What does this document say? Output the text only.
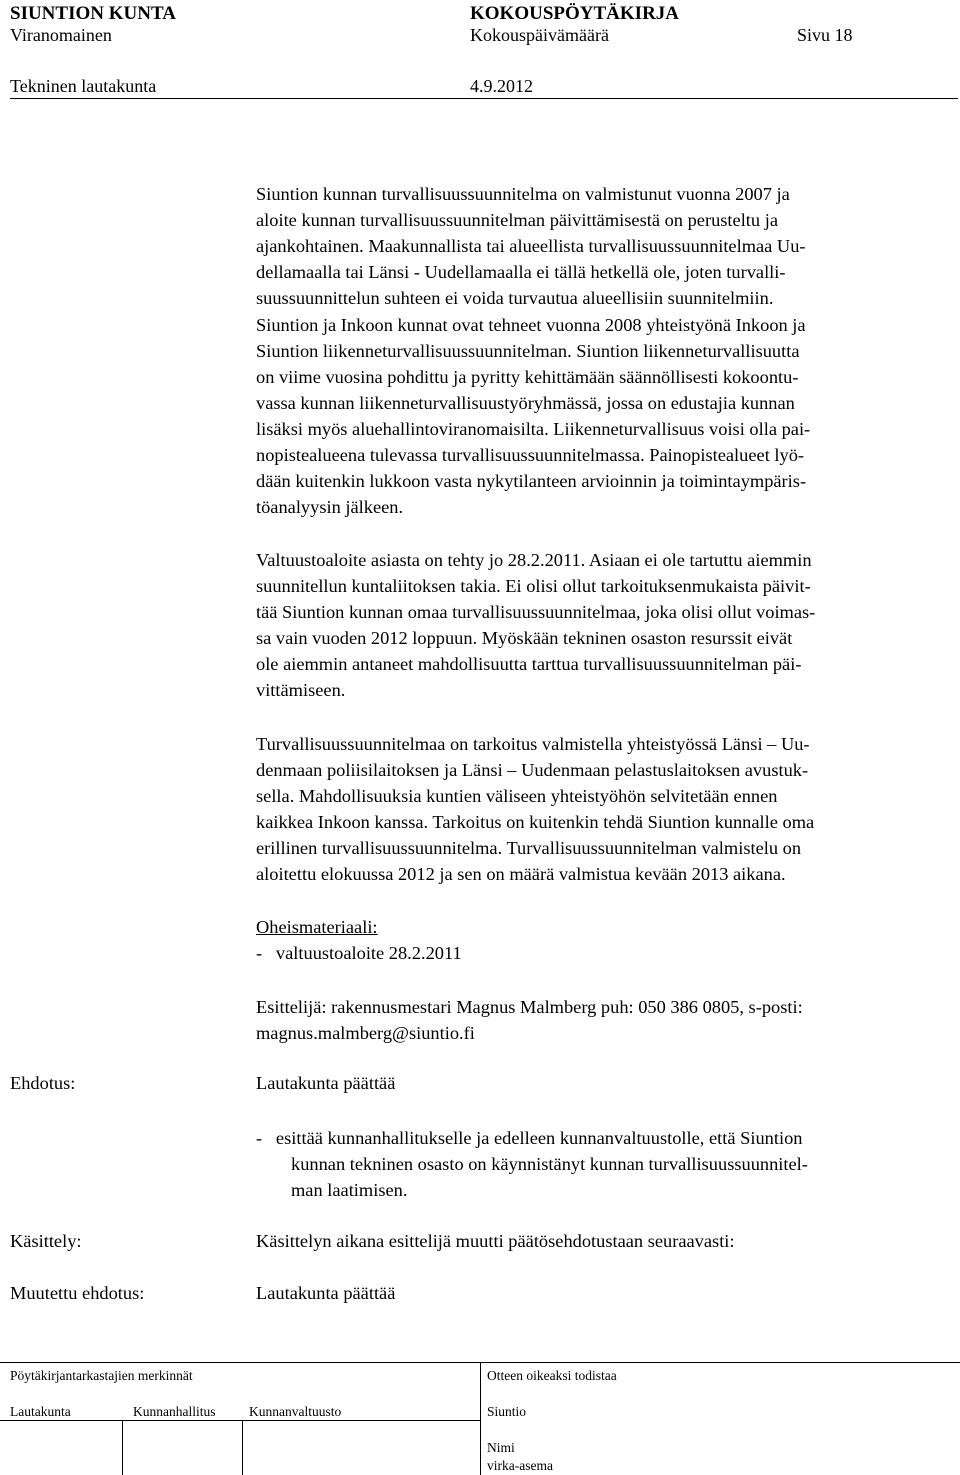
SIUNTION KUNTA	KOKOUSPÖYTÄKIRJA
Viranomainen	Kokouspäivämäärä	Sivu 18
Tekninen lautakunta	4.9.2012
Siuntion kunnan turvallisuussuunnitelma on valmistunut vuonna 2007 ja
aloite kunnan turvallisuussuunnitelman päivittämisestä on perusteltu ja
ajankohtainen. Maakunnallista tai alueellista turvallisuussuunnitelmaa Uu-
dellamaalla tai Länsi - Uudellamaalla ei tällä hetkellä ole, joten turvalli-
suussuunnittelun suhteen ei voida turvautua alueellisiin suunnitelmiin.
Siuntion ja Inkoon kunnat ovat tehneet vuonna 2008 yhteistyönä Inkoon ja
Siuntion liikenneturvallisuussuunnitelman. Siuntion liikenneturvallisuutta
on viime vuosina pohdittu ja pyritty kehittämään säännöllisesti kokoontu-
vassa kunnan liikenneturvallisuustyöryhmässä, jossa on edustajia kunnan
lisäksi myös aluehallintoviranomaisilta. Liikenneturvallisuus voisi olla pai-
nopistealueena tulevassa turvallisuussuunnitelmassa. Painopistealueet lyö-
dään kuitenkin lukkoon vasta nykytilanteen arvioinnin ja toimintaympäris-
töanalyysin jälkeen.
Valtuustoaloite asiasta on tehty jo 28.2.2011. Asiaan ei ole tartuttu aiemmin
suunnitellun kuntaliitoksen takia. Ei olisi ollut tarkoituksenmukaista päivit-
tää Siuntion kunnan omaa turvallisuussuunnitelmaa, joka olisi ollut voimas-
sa vain vuoden 2012 loppuun. Myöskään tekninen osaston resurssit eivät
ole aiemmin antaneet mahdollisuutta tarttua turvallisuussuunnitelman päi-
vittämiseen.
Turvallisuussuunnitelmaa on tarkoitus valmistella yhteistyössä Länsi – Uu-
denmaan poliisilaitoksen ja Länsi – Uudenmaan pelastuslaitoksen avustuk-
sella. Mahdollisuuksia kuntien väliseen yhteistyöhön selvitetään ennen
kaikkea Inkoon kanssa. Tarkoitus on kuitenkin tehdä Siuntion kunnalle oma
erillinen turvallisuussuunnitelma. Turvallisuussuunnitelman valmistelu on
aloitettu elokuussa 2012 ja sen on määrä valmistua kevään 2013 aikana.
Oheismateriaali:
-   valtuustoaloite 28.2.2011
Esittelijä: rakennusmestari Magnus Malmberg puh: 050 386 0805, s-posti:
magnus.malmberg@siuntio.fi
Ehdotus:	Lautakunta päättää
-   esittää kunnanhallitukselle ja edelleen kunnanvaltuustolle, että Siuntion
kunnan tekninen osasto on käynnistänyt kunnan turvallisuussuunnitel-
man laatimisen.
Käsittely:	Käsittelyn aikana esittelijä muutti päätösehdotustaan seuraavasti:
Muutettu ehdotus:	Lautakunta päättää
Pöytäkirjantarkastajien merkinnät	Otteen oikeaksi todistaa
Lautakunta	Kunnanhallitus Kunnanvaltuusto	Siuntio
Nimi
virka-asema
